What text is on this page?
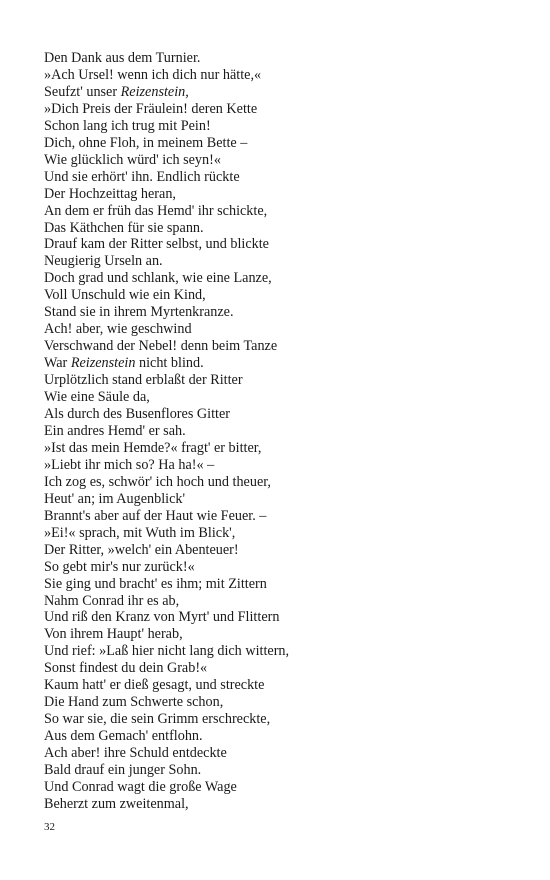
Den Dank aus dem Turnier.

»Ach Ursel! wenn ich dich nur hätte,«

Seufzt' unser Reizenstein,

»Dich Preis der Fräulein! deren Kette

Schon lang ich trug mit Pein!

Dich, ohne Floh, in meinem Bette –

Wie glücklich würd' ich seyn!«

Und sie erhört' ihn. Endlich rückte

Der Hochzeittag heran,

An dem er früh das Hemd' ihr schickte,

Das Käthchen für sie spann.

Drauf kam der Ritter selbst, und blickte

Neugierig Urseln an.

Doch grad und schlank, wie eine Lanze,

Voll Unschuld wie ein Kind,

Stand sie in ihrem Myrtenkranze.

Ach! aber, wie geschwind

Verschwand der Nebel! denn beim Tanze

War Reizenstein nicht blind.

Urplötzlich stand erblaßt der Ritter

Wie eine Säule da,

Als durch des Busenflores Gitter

Ein andres Hemd' er sah.

»Ist das mein Hemde?« fragt' er bitter,

»Liebt ihr mich so? Ha ha!« –

Ich zog es, schwör' ich hoch und theuer,

Heut' an; im Augenblick'

Brannt's aber auf der Haut wie Feuer. –

»Ei!« sprach, mit Wuth im Blick',

Der Ritter, »welch' ein Abenteuer!

So gebt mir's nur zurück!«

Sie ging und bracht' es ihm; mit Zittern

Nahm Conrad ihr es ab,

Und riß den Kranz von Myrt' und Flittern

Von ihrem Haupt' herab,

Und rief: »Laß hier nicht lang dich wittern,

Sonst findest du dein Grab!«

Kaum hatt' er dieß gesagt, und streckte

Die Hand zum Schwerte schon,

So war sie, die sein Grimm erschreckte,

Aus dem Gemach' entflohn.

Ach aber! ihre Schuld entdeckte

Bald drauf ein junger Sohn.

Und Conrad wagt die große Wage

Beherzt zum zweitenmal,

32
